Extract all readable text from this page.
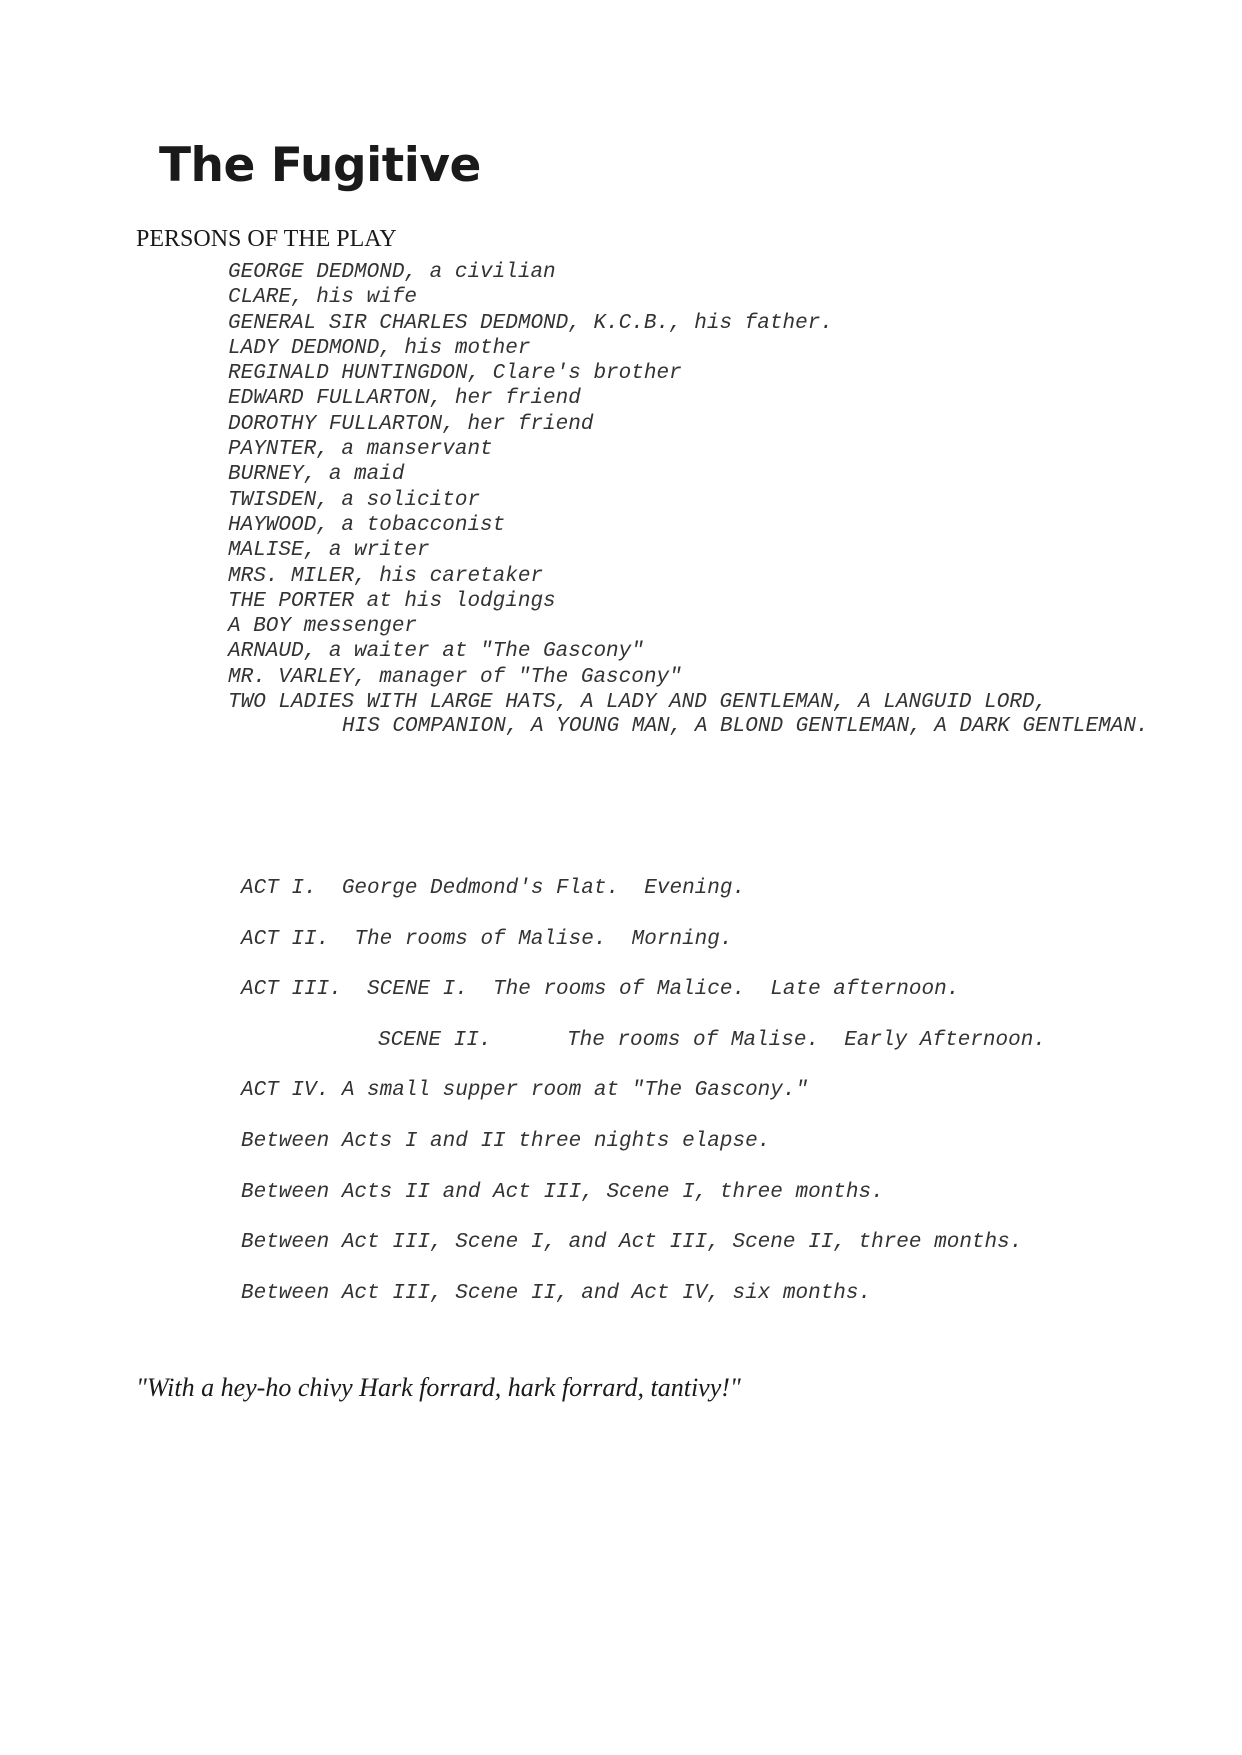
The Fugitive
PERSONS OF THE PLAY
GEORGE DEDMOND, a civilian
CLARE, his wife
GENERAL SIR CHARLES DEDMOND, K.C.B., his father.
LADY DEDMOND, his mother
REGINALD HUNTINGDON, Clare's brother
EDWARD FULLARTON, her friend
DOROTHY FULLARTON, her friend
PAYNTER, a manservant
BURNEY, a maid
TWISDEN, a solicitor
HAYWOOD, a tobacconist
MALISE, a writer
MRS. MILER, his caretaker
THE PORTER at his lodgings
A BOY messenger
ARNAUD, a waiter at "The Gascony"
MR. VARLEY, manager of "The Gascony"
TWO LADIES WITH LARGE HATS, A LADY AND GENTLEMAN, A LANGUID LORD,
HIS COMPANION, A YOUNG MAN, A BLOND GENTLEMAN, A DARK GENTLEMAN.
ACT I.  George Dedmond's Flat.  Evening.
ACT II.  The rooms of Malise.  Morning.
ACT III.  SCENE I.  The rooms of Malice.  Late afternoon.
SCENE II.      The rooms of Malise.  Early Afternoon.
ACT IV. A small supper room at "The Gascony."
Between Acts I and II three nights elapse.
Between Acts II and Act III, Scene I, three months.
Between Act III, Scene I, and Act III, Scene II, three months.
Between Act III, Scene II, and Act IV, six months.
"With a hey-ho chivy Hark forrard, hark forrard, tantivy!"
